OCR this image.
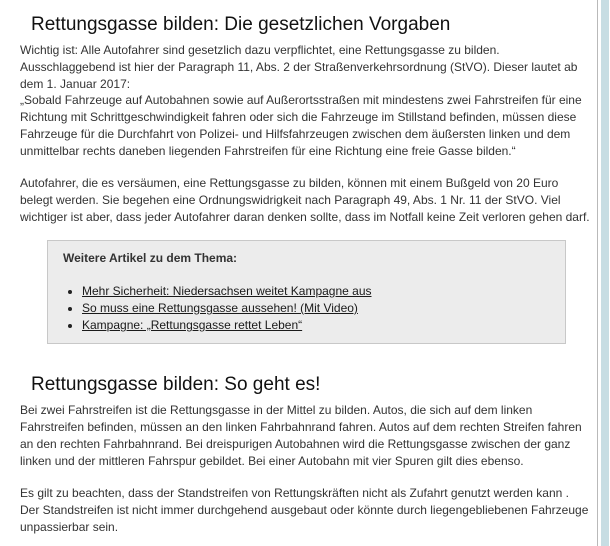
Rettungsgasse bilden: Die gesetzlichen Vorgaben

Wichtig ist: Alle Autofahrer sind gesetzlich dazu verpflichtet, eine Rettungsgasse zu bilden. Ausschlaggebend ist hier der Paragraph 11, Abs. 2 der Straßenverkehrsordnung (StVO). Dieser lautet ab dem 1. Januar 2017:

„Sobald Fahrzeuge auf Autobahnen sowie auf Außerortsstraßen mit mindestens zwei Fahrstreifen für eine Richtung mit Schrittgeschwindigkeit fahren oder sich die Fahrzeuge im Stillstand befinden, müssen diese Fahrzeuge für die Durchfahrt von Polizei- und Hilfsfahrzeugen zwischen dem äußersten linken und dem unmittelbar rechts daneben liegenden Fahrstreifen für eine Richtung eine freie Gasse bilden.“

Autofahrer, die es versäumen, eine Rettungsgasse zu bilden, können mit einem Bußgeld von 20 Euro belegt werden. Sie begehen eine Ordnungswidrigkeit nach Paragraph 49, Abs. 1 Nr. 11 der StVO. Viel wichtiger ist aber, dass jeder Autofahrer daran denken sollte, dass im Notfall keine Zeit verloren gehen darf.

Weitere Artikel zu dem Thema:
• Mehr Sicherheit: Niedersachsen weitet Kampagne aus
• So muss eine Rettungsgasse aussehen! (Mit Video)
• Kampagne: „Rettungsgasse rettet Leben“
Rettungsgasse bilden: So geht es!

Bei zwei Fahrstreifen ist die Rettungsgasse in der Mittel zu bilden. Autos, die sich auf dem linken Fahrstreifen befinden, müssen an den linken Fahrbahnrand fahren. Autos auf dem rechten Streifen fahren an den rechten Fahrbahnrand. Bei dreispurigen Autobahnen wird die Rettungsgasse zwischen der ganz linken und der mittleren Fahrspur gebildet. Bei einer Autobahn mit vier Spuren gilt dies ebenso.

Es gilt zu beachten, dass der Standstreifen von Rettungskräften nicht als Zufahrt genutzt werden kann . Der Standstreifen ist nicht immer durchgehend ausgebaut oder könnte durch liegengebliebenen Fahrzeuge unpassierbar sein.
